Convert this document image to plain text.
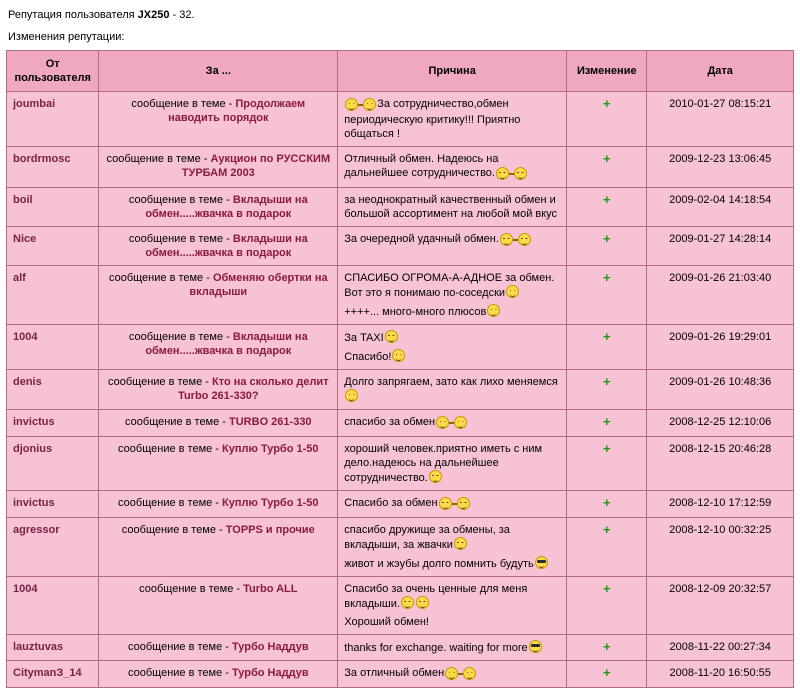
Репутация пользователя JX250 - 32.
Изменения репутации:
От
пользователя	За ...	Причина	Изменение	Дата
joumbai	сообщение в теме - Продолжаем наводить порядок	За сотрудничество,обмен периодическую критику!!! Приятно общаться !	+	2010-01-27 08:15:21
bordrmosc	сообщение в теме - Аукцион по РУССКИМ ТУРБАМ 2003	Отличный обмен. Надеюсь на дальнейшее сотрудничество.	+	2009-12-23 13:06:45
boil	сообщение в теме - Вкладыши на обмен.....жвачка в подарок	за неоднократный качественный обмен и большой ассортимент на любой мой вкус	+	2009-02-04 14:18:54
Nice	сообщение в теме - Вкладыши на обмен.....жвачка в подарок	За очередной удачный обмен.	+	2009-01-27 14:28:14
alf	сообщение в теме - Обменяю обертки на вкладыши	СПАСИБО ОГРОМА-А-АДНОЕ за обмен. Вот это я понимаю по-соседски

++++... много-много плюсов	+	2009-01-26 21:03:40
1004	сообщение в теме - Вкладыши на обмен.....жвачка в подарок	За TAXI

Спасибо!	+	2009-01-26 19:29:01
denis	сообщение в теме - Кто на сколько делит Turbo 261-330?	Долго запрягаем, зато как лихо меняемся	+	2009-01-26 10:48:36
invictus	сообщение в теме - TURBO 261-330	спасибо за обмен	+	2008-12-25 12:10:06
djonius	сообщение в теме - Куплю Турбо 1-50	хороший человек.приятно иметь с ним дело.надеюсь на дальнейшее сотрудничество.	+	2008-12-15 20:46:28
invictus	сообщение в теме - Куплю Турбо 1-50	Спасибо за обмен	+	2008-12-10 17:12:59
agressor	сообщение в теме - TOPPS и прочие	спасибо дружище за обмены, за вкладыши, за жвачки

живот и жэубы долго помнить будуть	+	2008-12-10 00:32:25
1004	сообщение в теме - Turbo ALL	Спасибо за очень ценные для меня вкладыши.

Хороший обмен!	+	2008-12-09 20:32:57
lauztuvas	сообщение в теме - Турбо Наддув	thanks for exchange. waiting for more	+	2008-11-22 00:27:34
CitymanЗ_14	сообщение в теме - Турбо Наддув	За отличный обмен	+	2008-11-20 16:50:55
